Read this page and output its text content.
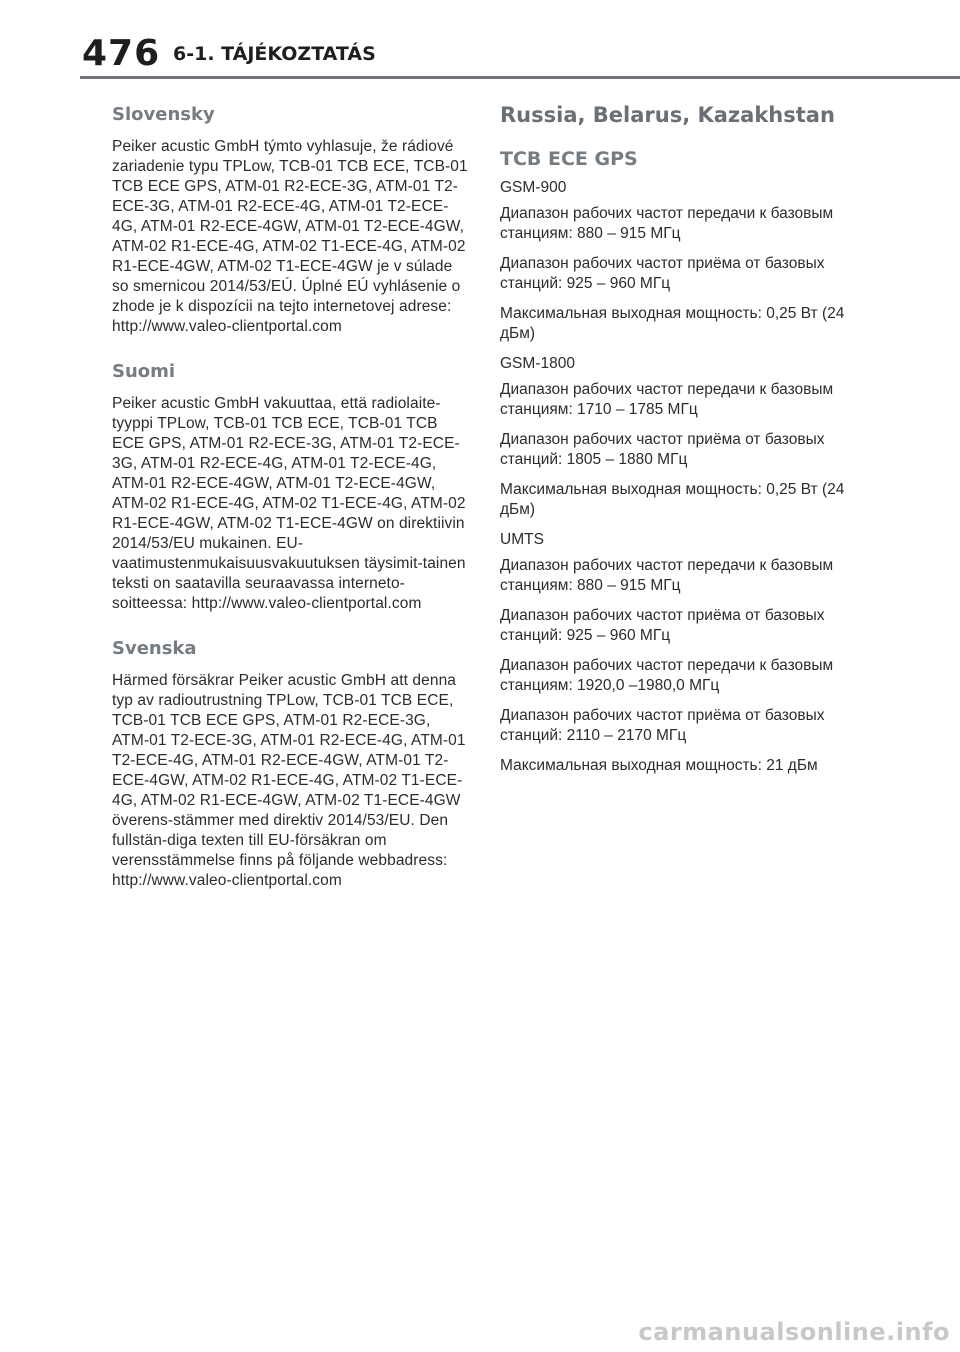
476 6-1. TÁJÉKOZTATÁS
Slovensky

Peiker acustic GmbH týmto vyhlasuje, že rádiové zariadenie typu TPLow, TCB-01 TCB ECE, TCB-01 TCB ECE GPS, ATM-01 R2-ECE-3G, ATM-01 T2-ECE-3G, ATM-01 R2-ECE-4G, ATM-01 T2-ECE-4G, ATM-01 R2-ECE-4GW, ATM-01 T2-ECE-4GW, ATM-02 R1-ECE-4G, ATM-02 T1-ECE-4G, ATM-02 R1-ECE-4GW, ATM-02 T1-ECE-4GW je v súlade so smernicou 2014/53/EÚ. Úplné EÚ vyhlásenie o zhode je k dispozícii na tejto internetovej adrese: http://www.valeo-clientportal.com

Suomi

Peiker acustic GmbH vakuuttaa, että radiolaite-tyyppi TPLow, TCB-01 TCB ECE, TCB-01 TCB ECE GPS, ATM-01 R2-ECE-3G, ATM-01 T2-ECE-3G, ATM-01 R2-ECE-4G, ATM-01 T2-ECE-4G, ATM-01 R2-ECE-4GW, ATM-01 T2-ECE-4GW, ATM-02 R1-ECE-4G, ATM-02 T1-ECE-4G, ATM-02 R1-ECE-4GW, ATM-02 T1-ECE-4GW on direktiivin 2014/53/EU mukainen. EU-vaatimustenmukaisuusvakuutuksen täysimit-tainen teksti on saatavilla seuraavassa interneto-soitteessa: http://www.valeo-clientportal.com

Svenska

Härmed försäkrar Peiker acustic GmbH att denna typ av radioutrustning TPLow, TCB-01 TCB ECE, TCB-01 TCB ECE GPS, ATM-01 R2-ECE-3G, ATM-01 T2-ECE-3G, ATM-01 R2-ECE-4G, ATM-01 T2-ECE-4G, ATM-01 R2-ECE-4GW, ATM-01 T2-ECE-4GW, ATM-02 R1-ECE-4G, ATM-02 T1-ECE-4G, ATM-02 R1-ECE-4GW, ATM-02 T1-ECE-4GW överens-stämmer med direktiv 2014/53/EU. Den fullstän-diga texten till EU-försäkran om verensstämmelse finns på följande webbadress: http://www.valeo-clientportal.com

Russia, Belarus, Kazakhstan
TCB ECE GPS

GSM-900

Диапазон рабочих частот передачи к базовым станциям: 880 – 915 МГц

Диапазон рабочих частот приёма от базовых станций: 925 – 960 МГц

Максимальная выходная мощность: 0,25 Вт (24 дБм)

GSM-1800

Диапазон рабочих частот передачи к базовым станциям: 1710 – 1785 МГц

Диапазон рабочих частот приёма от базовых станций: 1805 – 1880 МГц

Максимальная выходная мощность: 0,25 Вт (24 дБм)

UMTS

Диапазон рабочих частот передачи к базовым станциям: 880 – 915 МГц

Диапазон рабочих частот приёма от базовых станций: 925 – 960 МГц

Диапазон рабочих частот передачи к базовым станциям: 1920,0 –1980,0 МГц

Диапазон рабочих частот приёма от базовых станций: 2110 – 2170 МГц

Максимальная выходная мощность: 21 дБм

carmanualsonline.info
